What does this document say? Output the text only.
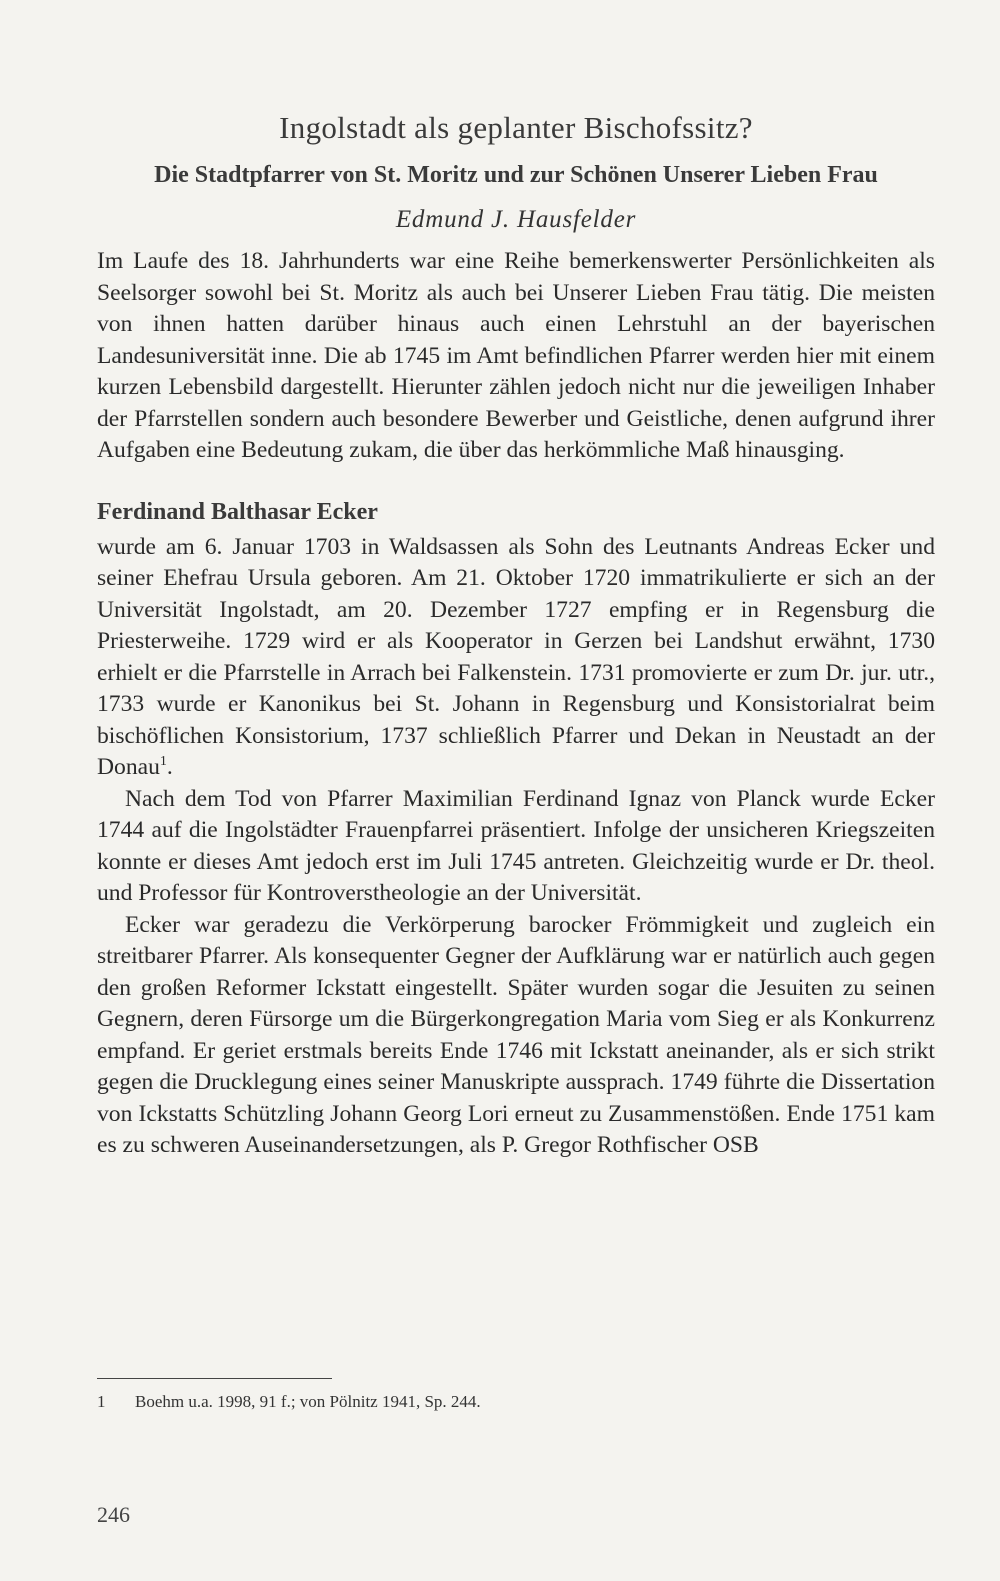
Ingolstadt als geplanter Bischofssitz?
Die Stadtpfarrer von St. Moritz und zur Schönen Unserer Lieben Frau
Edmund J. Hausfelder

Im Laufe des 18. Jahrhunderts war eine Reihe bemerkenswerter Persönlichkeiten als Seelsorger sowohl bei St. Moritz als auch bei Unserer Lieben Frau tätig. Die meisten von ihnen hatten darüber hinaus auch einen Lehrstuhl an der bayerischen Landesuniversität inne. Die ab 1745 im Amt befindlichen Pfarrer werden hier mit einem kurzen Lebensbild dargestellt. Hierunter zählen jedoch nicht nur die jeweiligen Inhaber der Pfarrstellen sondern auch besondere Bewerber und Geistliche, denen aufgrund ihrer Aufgaben eine Bedeutung zukam, die über das herkömmliche Maß hinausging.

Ferdinand Balthasar Ecker

wurde am 6. Januar 1703 in Waldsassen als Sohn des Leutnants Andreas Ecker und seiner Ehefrau Ursula geboren. Am 21. Oktober 1720 immatrikulierte er sich an der Universität Ingolstadt, am 20. Dezember 1727 empfing er in Regensburg die Priesterweihe. 1729 wird er als Kooperator in Gerzen bei Landshut erwähnt, 1730 erhielt er die Pfarrstelle in Arrach bei Falkenstein. 1731 promovierte er zum Dr. jur. utr., 1733 wurde er Kanonikus bei St. Johann in Regensburg und Konsistorialrat beim bischöflichen Konsistorium, 1737 schließlich Pfarrer und Dekan in Neustadt an der Donau$^1$.

Nach dem Tod von Pfarrer Maximilian Ferdinand Ignaz von Planck wurde Ecker 1744 auf die Ingolstädter Frauenpfarrei präsentiert. Infolge der unsicheren Kriegszeiten konnte er dieses Amt jedoch erst im Juli 1745 antreten. Gleichzeitig wurde er Dr. theol. und Professor für Kontroverstheologie an der Universität.

Ecker war geradezu die Verkörperung barocker Frömmigkeit und zugleich ein streitbarer Pfarrer. Als konsequenter Gegner der Aufklärung war er natürlich auch gegen den großen Reformer Ickstatt eingestellt. Später wurden sogar die Jesuiten zu seinen Gegnern, deren Fürsorge um die Bürgerkongregation Maria vom Sieg er als Konkurrenz empfand. Er geriet erstmals bereits Ende 1746 mit Ickstatt aneinander, als er sich strikt gegen die Drucklegung eines seiner Manuskripte aussprach. 1749 führte die Dissertation von Ickstatts Schützling Johann Georg Lori erneut zu Zusammenstößen. Ende 1751 kam es zu schweren Auseinandersetzungen, als P. Gregor Rothfischer OSB

1 Boehm u.a. 1998, 91 f.; von Pölnitz 1941, Sp. 244.
246
